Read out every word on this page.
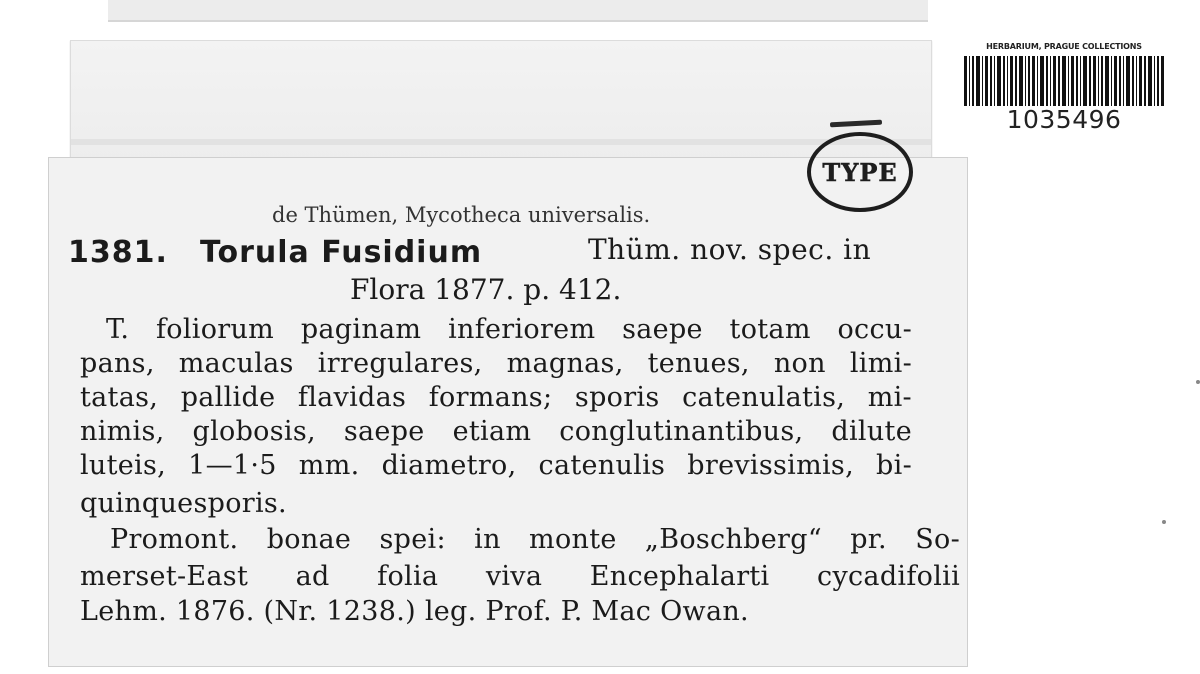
HERBARIUM, PRAGUE COLLECTIONS
1035496
TYPE
de Thümen, Mycotheca universalis.
1381. Torula Fusidium	Thüm. nov. spec. in
Flora 1877. p. 412.
T. foliorum paginam inferiorem saepe totam occu-
pans, maculas irregulares, magnas, tenues, non limi-
tatas, pallide flavidas formans; sporis catenulatis, mi-
nimis, globosis, saepe etiam conglutinantibus, dilute
luteis, 1—1·5 mm. diametro, catenulis brevissimis, bi-
quinquesporis.
Promont. bonae spei: in monte „Boschberg“ pr. So-
merset-East ad folia viva Encephalarti cycadifolii
Lehm. 1876. (Nr. 1238.) leg. Prof. P. Mac Owan.
